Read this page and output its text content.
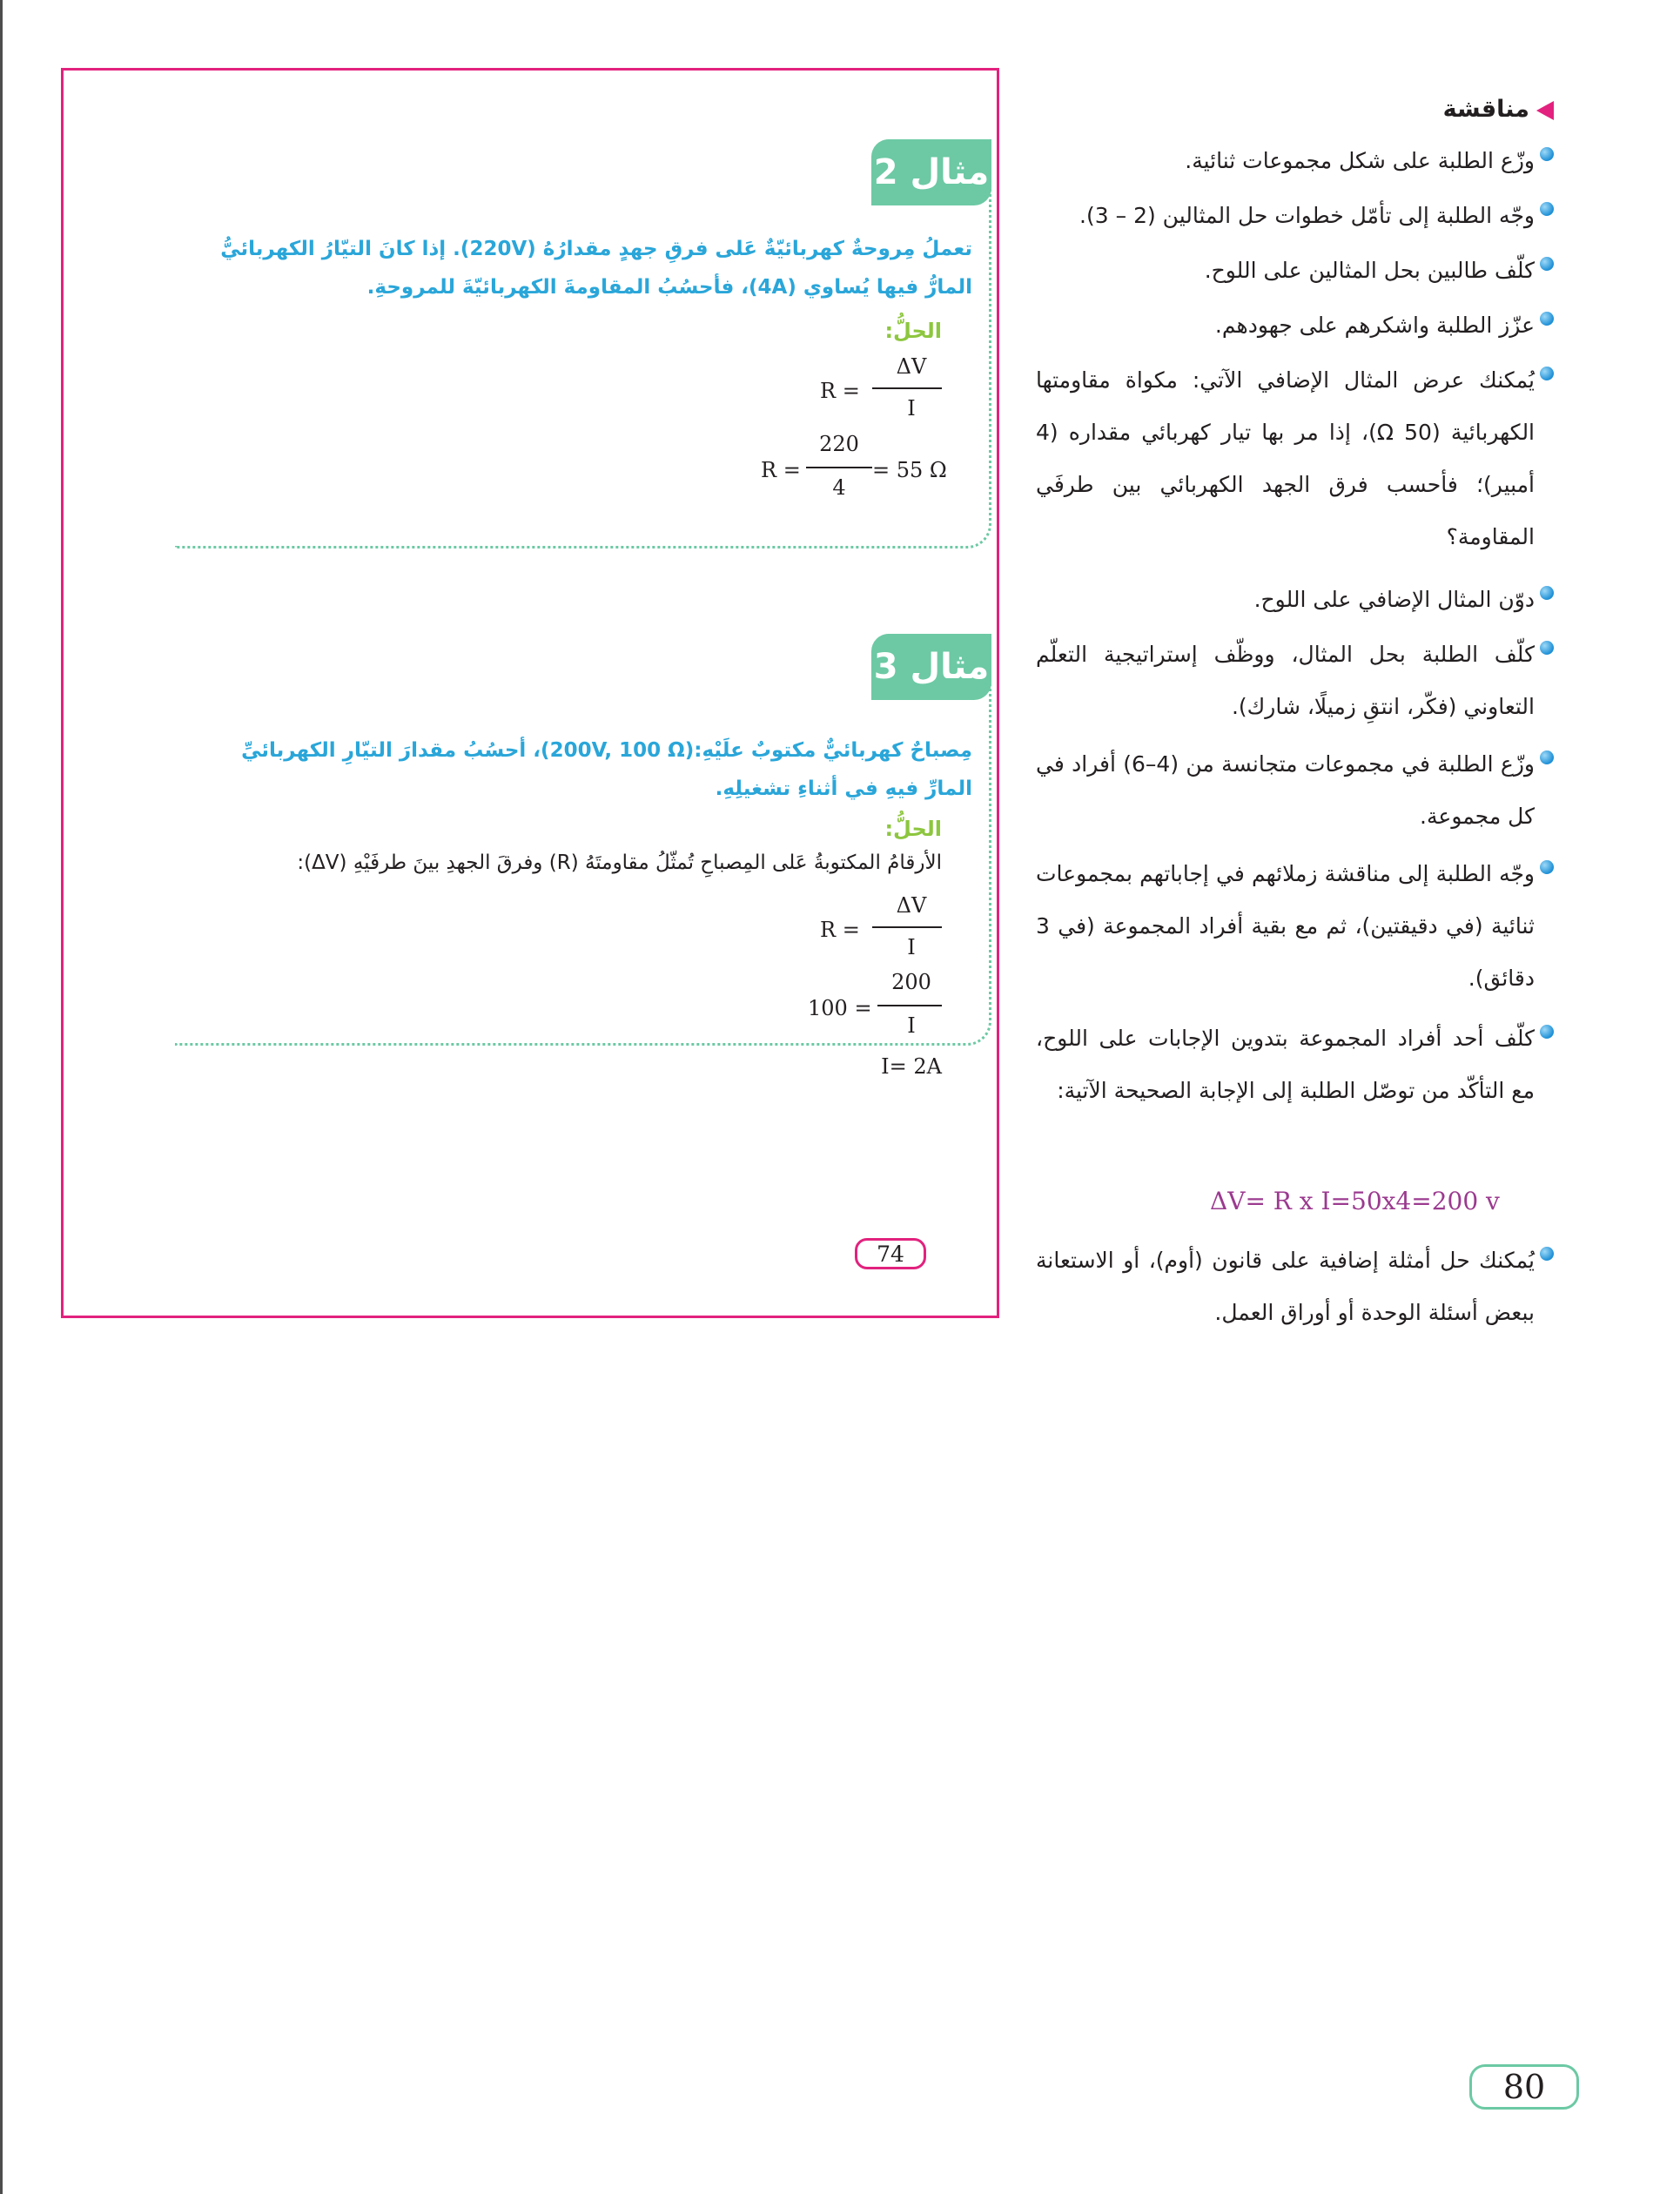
مثال 2
تعملُ مِروحةٌ كهربائيّةٌ عَلى فرقِ جهدٍ مقدارُهُ (220V). إذا كانَ التيّارُ الكهربائيُّ المارُّ فيها يُساوي (4A)، فأحسُبُ المقاومةَ الكهربائيّةَ للمروحةِ.
الحلُّ:
R =
ΔV
I
R =
220
4
= 55 Ω
مثال 3
مِصباحٌ كهربائيٌّ مكتوبٌ علَيْهِ:(200V, 100 Ω)، أحسُبُ مقدارَ التيّارِ الكهربائيِّ المارِّ فيهِ في أثناءِ تشغيلِهِ.
الحلُّ:
الأرقامُ المكتوبةُ عَلى المِصباحِ تُمثّلُ مقاومتَهُ (R) وفرقَ الجهدِ بينَ طرفَيْهِ (ΔV):
R =
ΔV
I
100 =
200
I
I= 2A
74
مناقشة
وزّع الطلبة على شكل مجموعات ثنائية.
وجّه الطلبة إلى تأمّل خطوات حل المثالين (2 – 3).
كلّف طالبين بحل المثالين على اللوح.
عزّز الطلبة واشكرهم على جهودهم.
يُمكنك عرض المثال الإضافي الآتي: مكواة مقاومتها الكهربائية (50 Ω)، إذا مر بها تيار كهربائي مقداره (4 أمبير)؛ فأحسب فرق الجهد الكهربائي بين طرفَي المقاومة؟
دوّن المثال الإضافي على اللوح.
كلّف الطلبة بحل المثال، ووظّف إستراتيجية التعلّم التعاوني (فكّر، انتقِ زميلًا، شارك).
وزّع الطلبة في مجموعات متجانسة من (4–6) أفراد في كل مجموعة.
وجّه الطلبة إلى مناقشة زملائهم في إجاباتهم بمجموعات ثنائية (في دقيقتين)، ثم مع بقية أفراد المجموعة (في 3 دقائق).
كلّف أحد أفراد المجموعة بتدوين الإجابات على اللوح، مع التأكّد من توصّل الطلبة إلى الإجابة الصحيحة الآتية:
ΔV= R x I=50x4=200 v
يُمكنك حل أمثلة إضافية على قانون (أوم)، أو الاستعانة ببعض أسئلة الوحدة أو أوراق العمل.
80
